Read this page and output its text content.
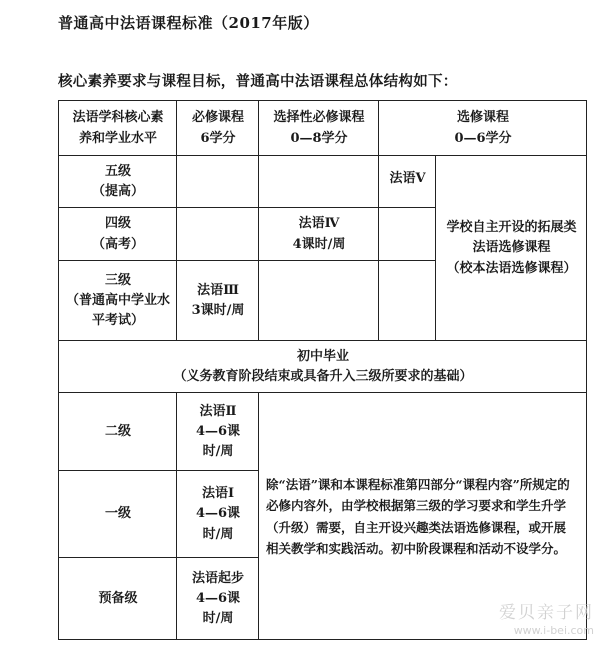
普通高中法语课程标准（2017年版）
核心素养要求与课程目标，普通高中法语课程总体结构如下：
法语学科核心素养和学业水平
必修课程
6学分
选择性必修课程
0—8学分
选修课程
0—6学分
五级
（提高）
四级
（高考）
三级
（普通高中学业水平考试）
法语Ⅴ
法语Ⅳ
4课时/周
法语Ⅲ
3课时/周
学校自主开设的拓展类法语选修课程
（校本法语选修课程）
初中毕业
（义务教育阶段结束或具备升入三级所要求的基础）
二级
一级
预备级
法语Ⅱ
4—6课时/周
法语Ⅰ
4—6课时/周
法语起步
4—6课时/周
除“法语”课和本课程标准第四部分“课程内容”所规定的必修内容外，由学校根据第三级的学习要求和学生升学（升级）需要，自主开设兴趣类法语选修课程，或开展相关教学和实践活动。初中阶段课程和活动不设学分。
爱贝亲子网
www.i-bei.com
